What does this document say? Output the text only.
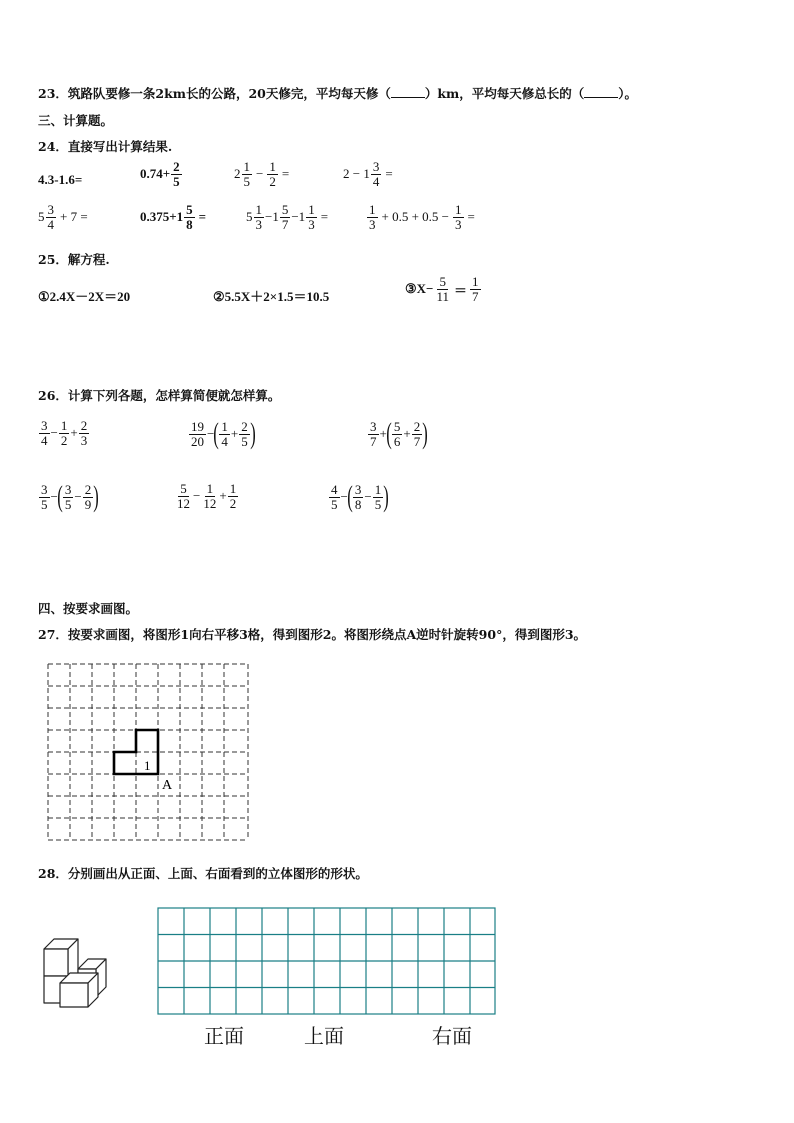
23．筑路队要修一条2km长的公路，20天修完，平均每天修（	）km，平均每天修总长的（	）。
三、计算题。
24．直接写出计算结果.
4.3-1.6=	$0.74+ \frac{2}{5}$	$2 \frac{1}{5} - \frac{1}{2}$ =	$2 - 1 \frac{3}{4}$ =
$5 \frac{3}{4} + 7$ =	$0.375+1 \frac{5}{8}$ =	$5 \frac{1}{3} -1 \frac{5}{7} -1 \frac{1}{3}$ =	$\frac{1}{3} + 0.5 + 0.5 - \frac{1}{3}$ =
25．解方程.
①2.4X－2X＝20	②5.5X＋2×1.5＝10.5
③X− $\frac{5}{11} = \frac{1}{7}$
26．计算下列各题，怎样算简便就怎样算。
$\frac{3}{4} - \frac{1}{2} + \frac{2}{3}$	$\frac{19}{20}$ − ( $\frac{1}{4} + \frac{2}{5}$ )	$\frac{3}{7}$ + ( $\frac{5}{6} + \frac{2}{7}$ )
$\frac{3}{5}$ − ( $\frac{3}{5} - \frac{2}{9}$ )	$\frac{5}{12} - \frac{1}{12} + \frac{1}{2}$	$\frac{4}{5}$ − ( $\frac{3}{8} - \frac{1}{5}$ )
四、按要求画图。
27．按要求画图，将图形1向右平移3格，得到图形2。将图形绕点A逆时针旋转90°，得到图形3。
1
A
28．分别画出从正面、上面、右面看到的立体图形的形状。
正面	上面	右面
